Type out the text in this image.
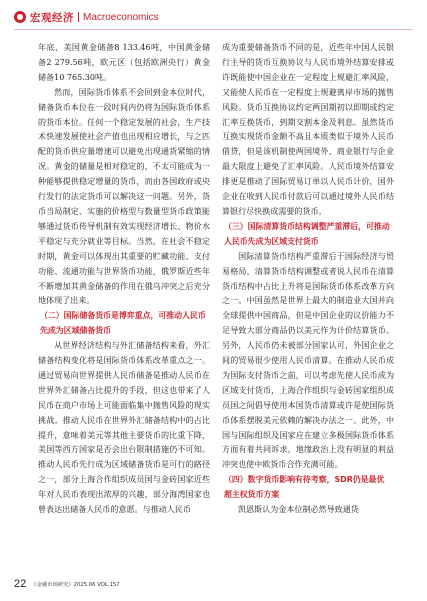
宏观经济 Macroeconomics

年底，美国黄金储备8 133.46吨，中国黄金储备2 279.56吨，欧元区（包括欧洲央行）黄金储备10 765.30吨。

然而，国际货币体系不会回到金本位时代，储备货币本位在一段时间内仍将为国际货币体系的货币本位。任何一个稳定发展的社会，生产技术快速发展使社会产值也出现相应增长，与之匹配的货币供应量增速可以避免出现通货紧缩的情况。黄金的储量是相对稳定的，不太可能成为一种能够提供稳定增量的货币，而由各国政府或央行发行的法定货币可以解决这一问题。另外，货币当局制定、实施的价格型与数量型货币政策能够通过货币传导机制有效实现经济增长、物价水平稳定与充分就业等目标。当然，在社会不稳定时期，黄金可以体现出其重要的贮藏功能、支付功能、流通功能与世界货币功能，俄罗斯近些年不断增加其黄金储备的作用在俄乌冲突之后充分地体现了出来。

（二）国际储备货币是博弈重点，可推动人民币先成为区域储备货币

从世界经济结构与外汇储备结构来看，外汇储备结构变化将是国际货币体系改革重点之一。通过贸易向世界提供人民币储备是推动人民币在世界外汇储备占比提升的手段，但这也带来了人民币在商户市场上可能面临集中抛售风险的现实挑战。推动人民币在世界外汇储备结构中的占比提升，意味着美元等其他主要货币的比重下降，美国等西方国家是否会出台限制措施仍不可知。推动人民币先行成为区域储备货币是可行的路径之一，部分上海合作组织成员国与金砖国家近些年对人民币表现出浓厚的兴趣，部分海湾国家也曾表达出储备人民币的意愿。与推动人民币

成为重要储备货币不同的是，近些年中国人民银行主导的货币互换协议与人民币境外结算安排或许既能使中国企业在一定程度上规避汇率风险，又能使人民币在一定程度上规避离岸市场的抛售风险。货币互换协议约定两国期初以即期或约定汇率互换货币，到期交割本金及利息。虽然货币互换实现货币金额不高且本质类似于境外人民币借贷，但是该机制使两国境外、商业银行与企业最大限度上避免了汇率风险。人民币境外结算安排更是推动了国际贸易订单以人民币计价，国外企业在收到人民币付款后可以通过境外人民币结算银行尽快换成需要的货币。

（三）国际清算货币结构调整严重滞后，可推动人民币先成为区域支付货币

国际清算货币结构严重滞后于国际经济与贸易格局，清算货币结构调整或者说人民币在清算货币结构中占比上升将是国际货币体系改革方向之一。中国虽然是世界上最大的制造业大国并向全球提供中国商品，但是中国企业的议价能力不足导致大部分商品仍以美元作为计价结算货币。另外，人民币仍未被部分国家认可，外国企业之间的贸易很少使用人民币清算。在推动人民币成为国际支付货币之前，可以考虑先使人民币成为区域支付货币，上海合作组织与金砖国家组织成员国之间倡导使用本国货币清算或许是使国际货币体系摆脱美元依赖的解决办法之一。此外，中国与国际组织及国家应在建立多极国际货币体系方面有着共同诉求，地缘政治上没有明显的利益冲突也使中欧货币合作充满可能。

（四）数字货币影响有待考察，SDR仍是最优超主权货币方案

凯恩斯认为金本位制必然导致通货

22 《金融市场研究》2025.06 VOL.157
